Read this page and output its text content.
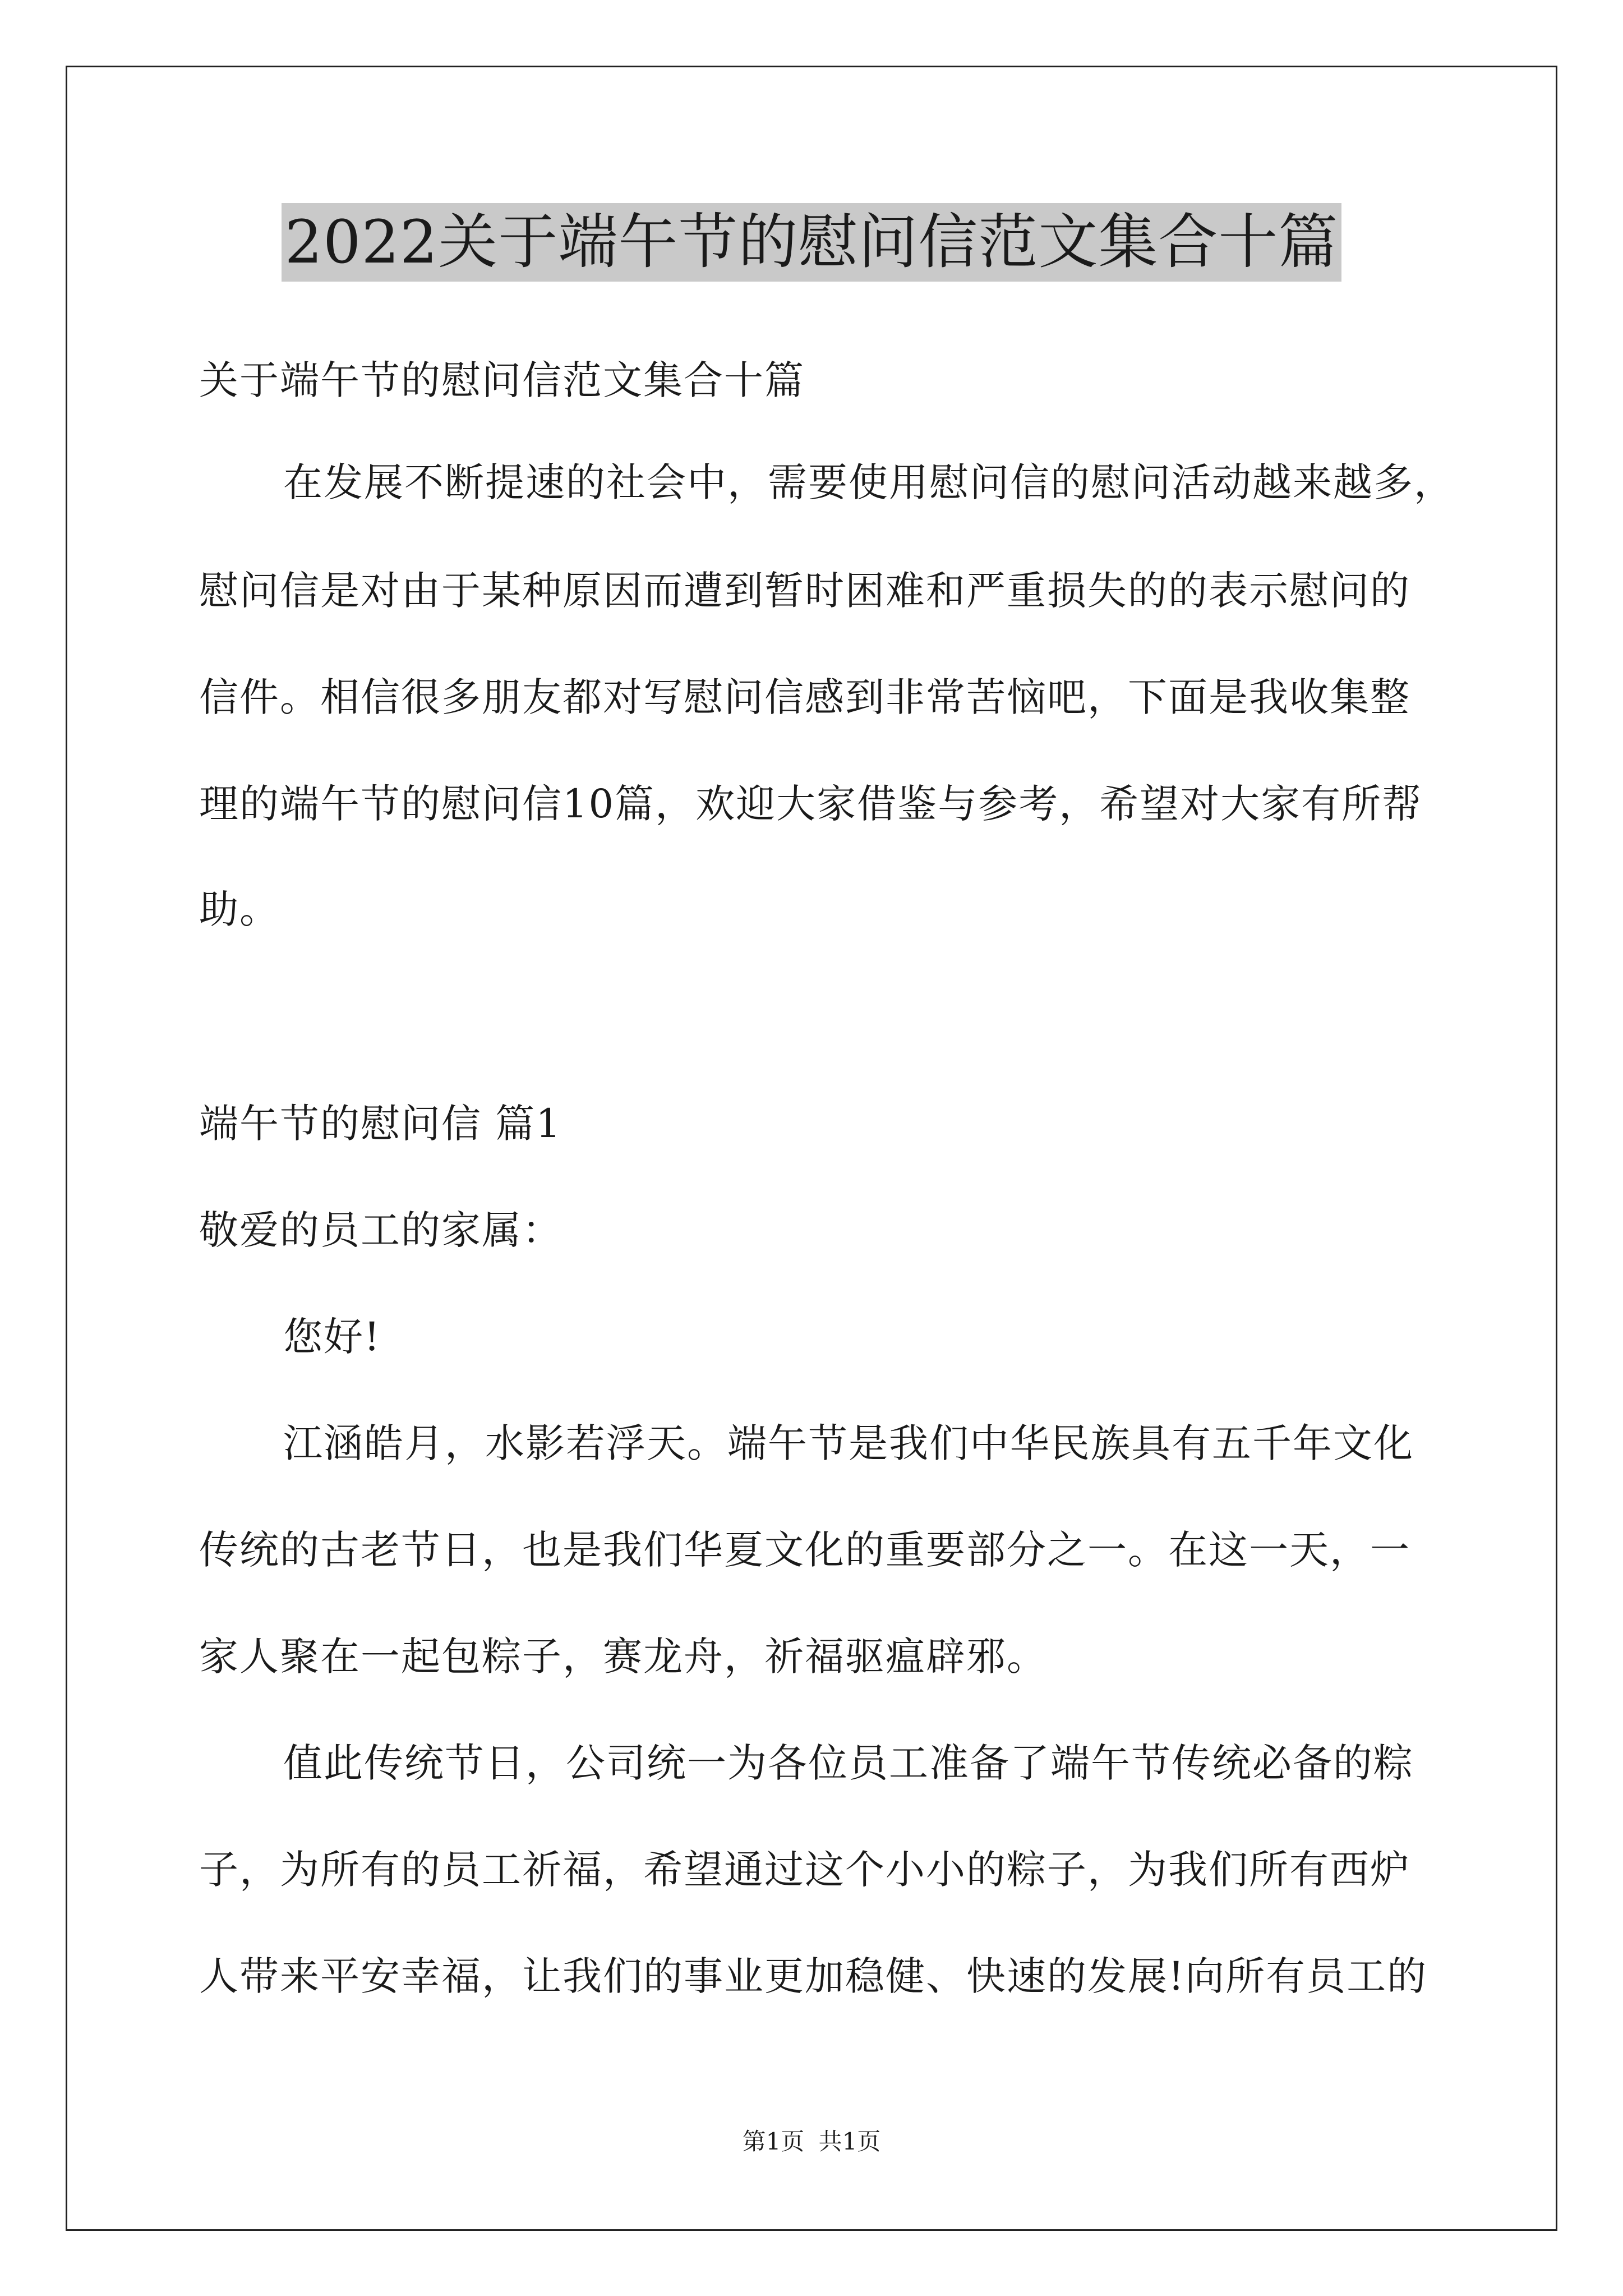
2022关于端午节的慰问信范文集合十篇
关于端午节的慰问信范文集合十篇
在发展不断提速的社会中，需要使用慰问信的慰问活动越来越多，
慰问信是对由于某种原因而遭到暂时困难和严重损失的的表示慰问的
信件。相信很多朋友都对写慰问信感到非常苦恼吧，下面是我收集整
理的端午节的慰问信10篇，欢迎大家借鉴与参考，希望对大家有所帮
助。
端午节的慰问信 篇1
敬爱的员工的家属：
您好!
江涵皓月，水影若浮天。端午节是我们中华民族具有五千年文化
传统的古老节日，也是我们华夏文化的重要部分之一。在这一天，一
家人聚在一起包粽子，赛龙舟，祈福驱瘟辟邪。
值此传统节日，公司统一为各位员工准备了端午节传统必备的粽
子，为所有的员工祈福，希望通过这个小小的粽子，为我们所有西炉
人带来平安幸福，让我们的事业更加稳健、快速的发展!向所有员工的
第1页 共1页
